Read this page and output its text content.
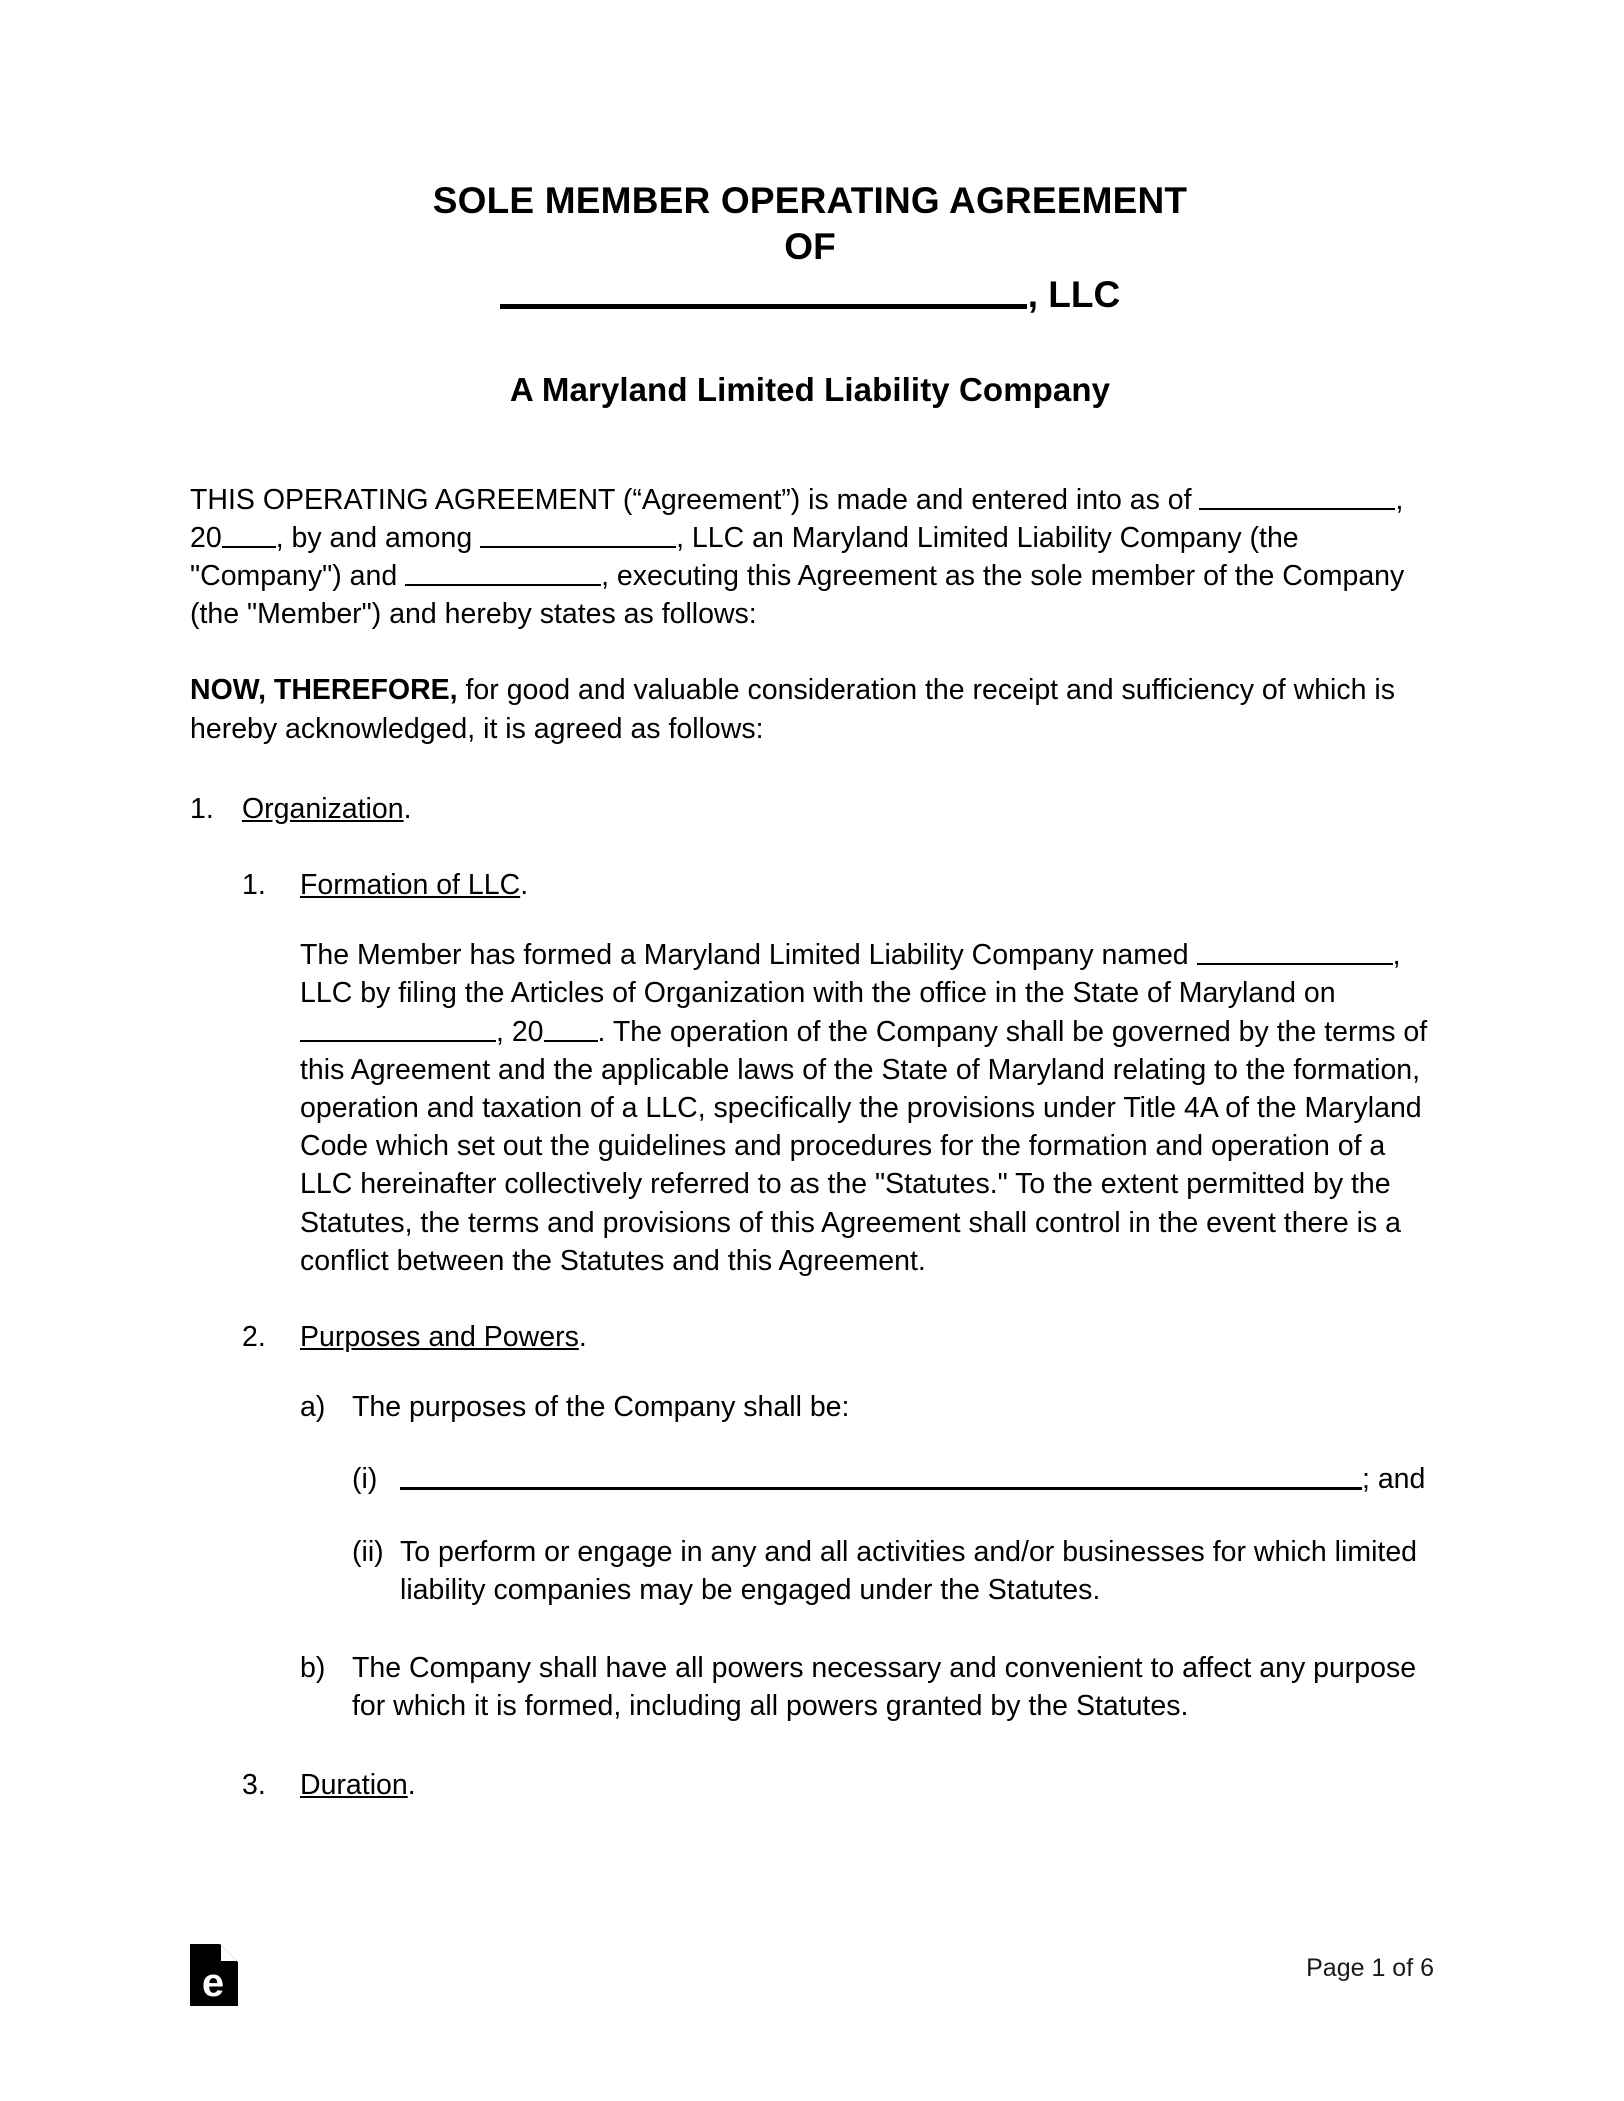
SOLE MEMBER OPERATING AGREEMENT
OF
, LLC
A Maryland Limited Liability Company

THIS OPERATING AGREEMENT (“Agreement”) is made and entered into as of	, 20 , by and among	, LLC an Maryland Limited Liability Company (the "Company") and	, executing this Agreement as the sole member of the Company (the "Member") and hereby states as follows:

NOW, THEREFORE, for good and valuable consideration the receipt and sufficiency of which is hereby acknowledged, it is agreed as follows:

1. Organization.
1.	Formation of LLC.

The Member has formed a Maryland Limited Liability Company named	, LLC by filing the Articles of Organization with the office in the State of Maryland on , 20 . The operation of the Company shall be governed by the terms of this Agreement and the applicable laws of the State of Maryland relating to the formation, operation and taxation of a LLC, specifically the provisions under Title 4A of the Maryland Code which set out the guidelines and procedures for the formation and operation of a LLC hereinafter collectively referred to as the "Statutes." To the extent permitted by the Statutes, the terms and provisions of this Agreement shall control in the event there is a conflict between the Statutes and this Agreement.

2.	Purposes and Powers.
a) The purposes of the Company shall be:
(i)	; and
(ii) To perform or engage in any and all activities and/or businesses for which limited liability companies may be engaged under the Statutes.
b) The Company shall have all powers necessary and convenient to affect any purpose for which it is formed, including all powers granted by the Statutes.
3.	Duration.
e	Page 1 of 6
